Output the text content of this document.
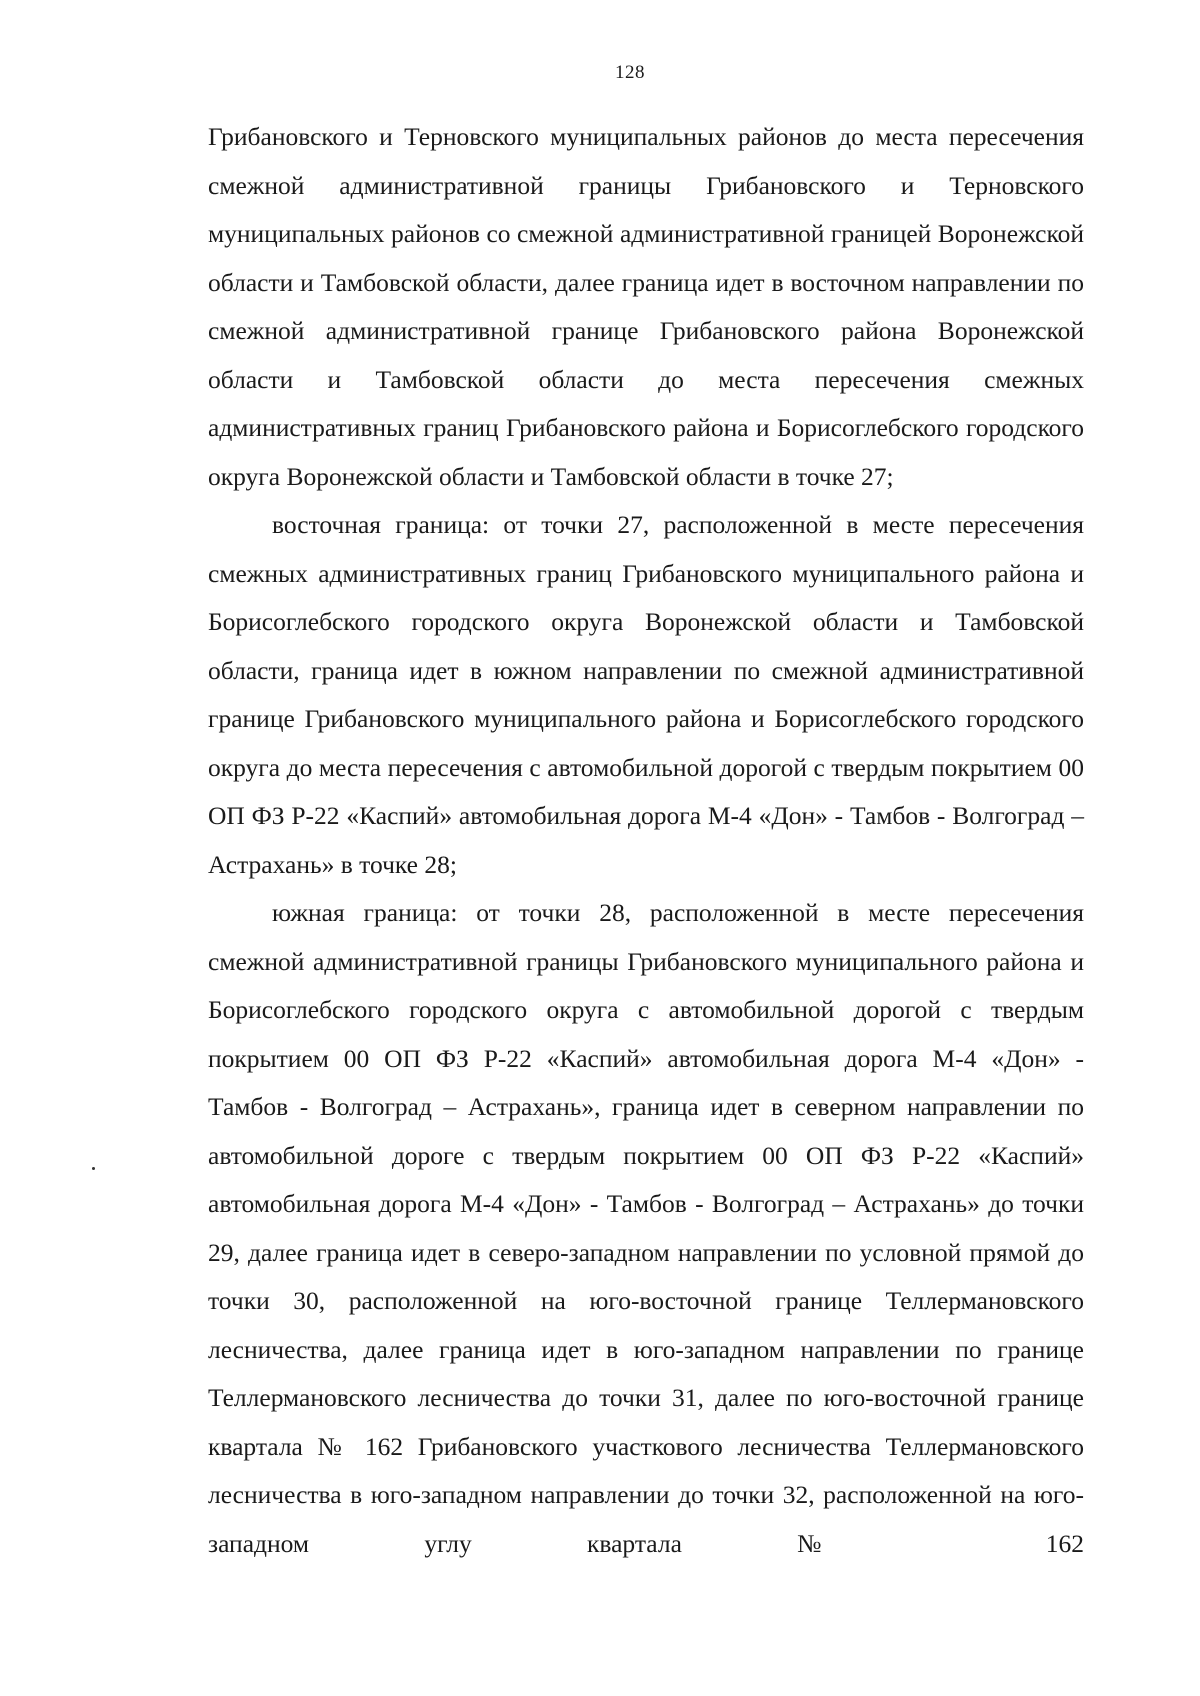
128

Грибановского и Терновского муниципальных районов до места пересечения смежной административной границы Грибановского и Терновского муниципальных районов со смежной административной границей Воронежской области и Тамбовской области, далее граница идет в восточном направлении по смежной административной границе Грибановского района Воронежской области и Тамбовской области до места пересечения смежных административных границ Грибановского района и Борисоглебского городского округа Воронежской области и Тамбовской области в точке 27;

восточная граница: от точки 27, расположенной в месте пересечения смежных административных границ Грибановского муниципального района и Борисоглебского городского округа Воронежской области и Тамбовской области, граница идет в южном направлении по смежной административной границе Грибановского муниципального района и Борисоглебского городского округа до места пересечения с автомобильной дорогой с твердым покрытием 00 ОП ФЗ Р-22 «Каспий» автомобильная дорога М-4 «Дон» - Тамбов - Волгоград – Астрахань» в точке 28;

южная граница: от точки 28, расположенной в месте пересечения смежной административной границы Грибановского муниципального района и Борисоглебского городского округа с автомобильной дорогой с твердым покрытием 00 ОП ФЗ Р-22 «Каспий» автомобильная дорога М-4 «Дон» - Тамбов - Волгоград – Астрахань», граница идет в северном направлении по автомобильной дороге с твердым покрытием 00 ОП ФЗ Р-22 «Каспий» автомобильная дорога М-4 «Дон» - Тамбов - Волгоград – Астрахань» до точки 29, далее граница идет в северо-западном направлении по условной прямой до точки 30, расположенной на юго-восточной границе Теллермановского лесничества, далее граница идет в юго-западном направлении по границе Теллермановского лесничества до точки 31, далее по юго-восточной границе квартала № 162 Грибановского участкового лесничества Теллермановского лесничества в юго-западном направлении до точки 32, расположенной на юго-западном углу квартала № 162
